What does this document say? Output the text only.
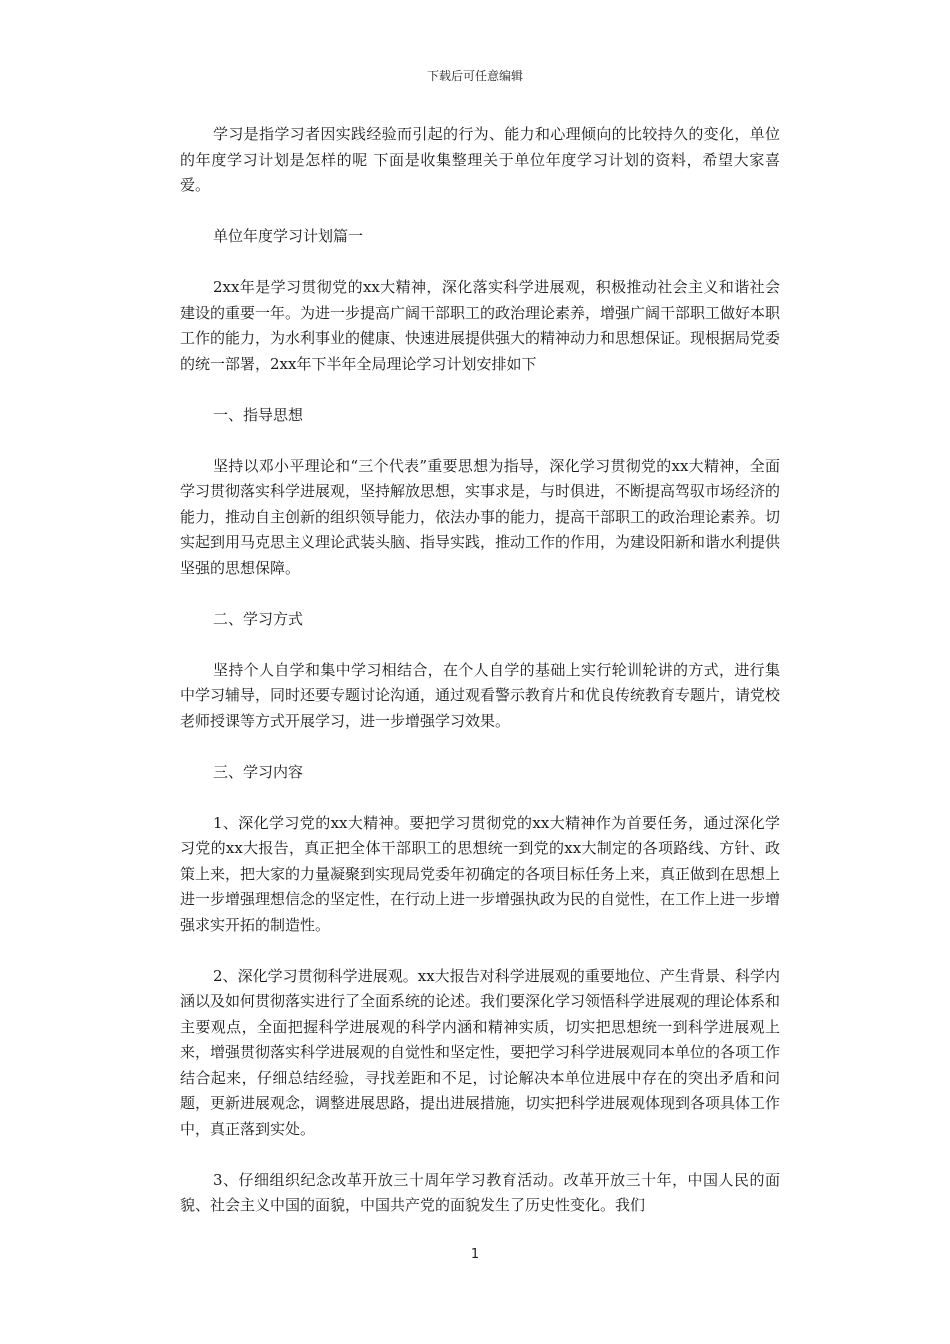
下载后可任意编辑

学习是指学习者因实践经验而引起的行为、能力和心理倾向的比较持久的变化，单位的年度学习计划是怎样的呢 下面是收集整理关于单位年度学习计划的资料，希望大家喜爱。

单位年度学习计划篇一

2xx年是学习贯彻党的xx大精神，深化落实科学进展观，积极推动社会主义和谐社会建设的重要一年。为进一步提高广阔干部职工的政治理论素养，增强广阔干部职工做好本职工作的能力，为水利事业的健康、快速进展提供强大的精神动力和思想保证。现根据局党委的统一部署，2xx年下半年全局理论学习计划安排如下

一、指导思想

坚持以邓小平理论和“三个代表”重要思想为指导，深化学习贯彻党的xx大精神，全面学习贯彻落实科学进展观，坚持解放思想，实事求是，与时俱进，不断提高驾驭市场经济的能力，推动自主创新的组织领导能力，依法办事的能力，提高干部职工的政治理论素养。切实起到用马克思主义理论武装头脑、指导实践，推动工作的作用，为建设阳新和谐水利提供坚强的思想保障。

二、学习方式

坚持个人自学和集中学习相结合，在个人自学的基础上实行轮训轮讲的方式，进行集中学习辅导，同时还要专题讨论沟通，通过观看警示教育片和优良传统教育专题片，请党校老师授课等方式开展学习，进一步增强学习效果。

三、学习内容

1、深化学习党的xx大精神。要把学习贯彻党的xx大精神作为首要任务，通过深化学习党的xx大报告，真正把全体干部职工的思想统一到党的xx大制定的各项路线、方针、政策上来，把大家的力量凝聚到实现局党委年初确定的各项目标任务上来，真正做到在思想上进一步增强理想信念的坚定性，在行动上进一步增强执政为民的自觉性，在工作上进一步增强求实开拓的制造性。

2、深化学习贯彻科学进展观。xx大报告对科学进展观的重要地位、产生背景、科学内涵以及如何贯彻落实进行了全面系统的论述。我们要深化学习领悟科学进展观的理论体系和主要观点，全面把握科学进展观的科学内涵和精神实质，切实把思想统一到科学进展观上来，增强贯彻落实科学进展观的自觉性和坚定性，要把学习科学进展观同本单位的各项工作结合起来，仔细总结经验，寻找差距和不足，讨论解决本单位进展中存在的突出矛盾和问题，更新进展观念，调整进展思路，提出进展措施，切实把科学进展观体现到各项具体工作中，真正落到实处。

3、仔细组织纪念改革开放三十周年学习教育活动。改革开放三十年，中国人民的面貌、社会主义中国的面貌，中国共产党的面貌发生了历史性变化。我们

1
